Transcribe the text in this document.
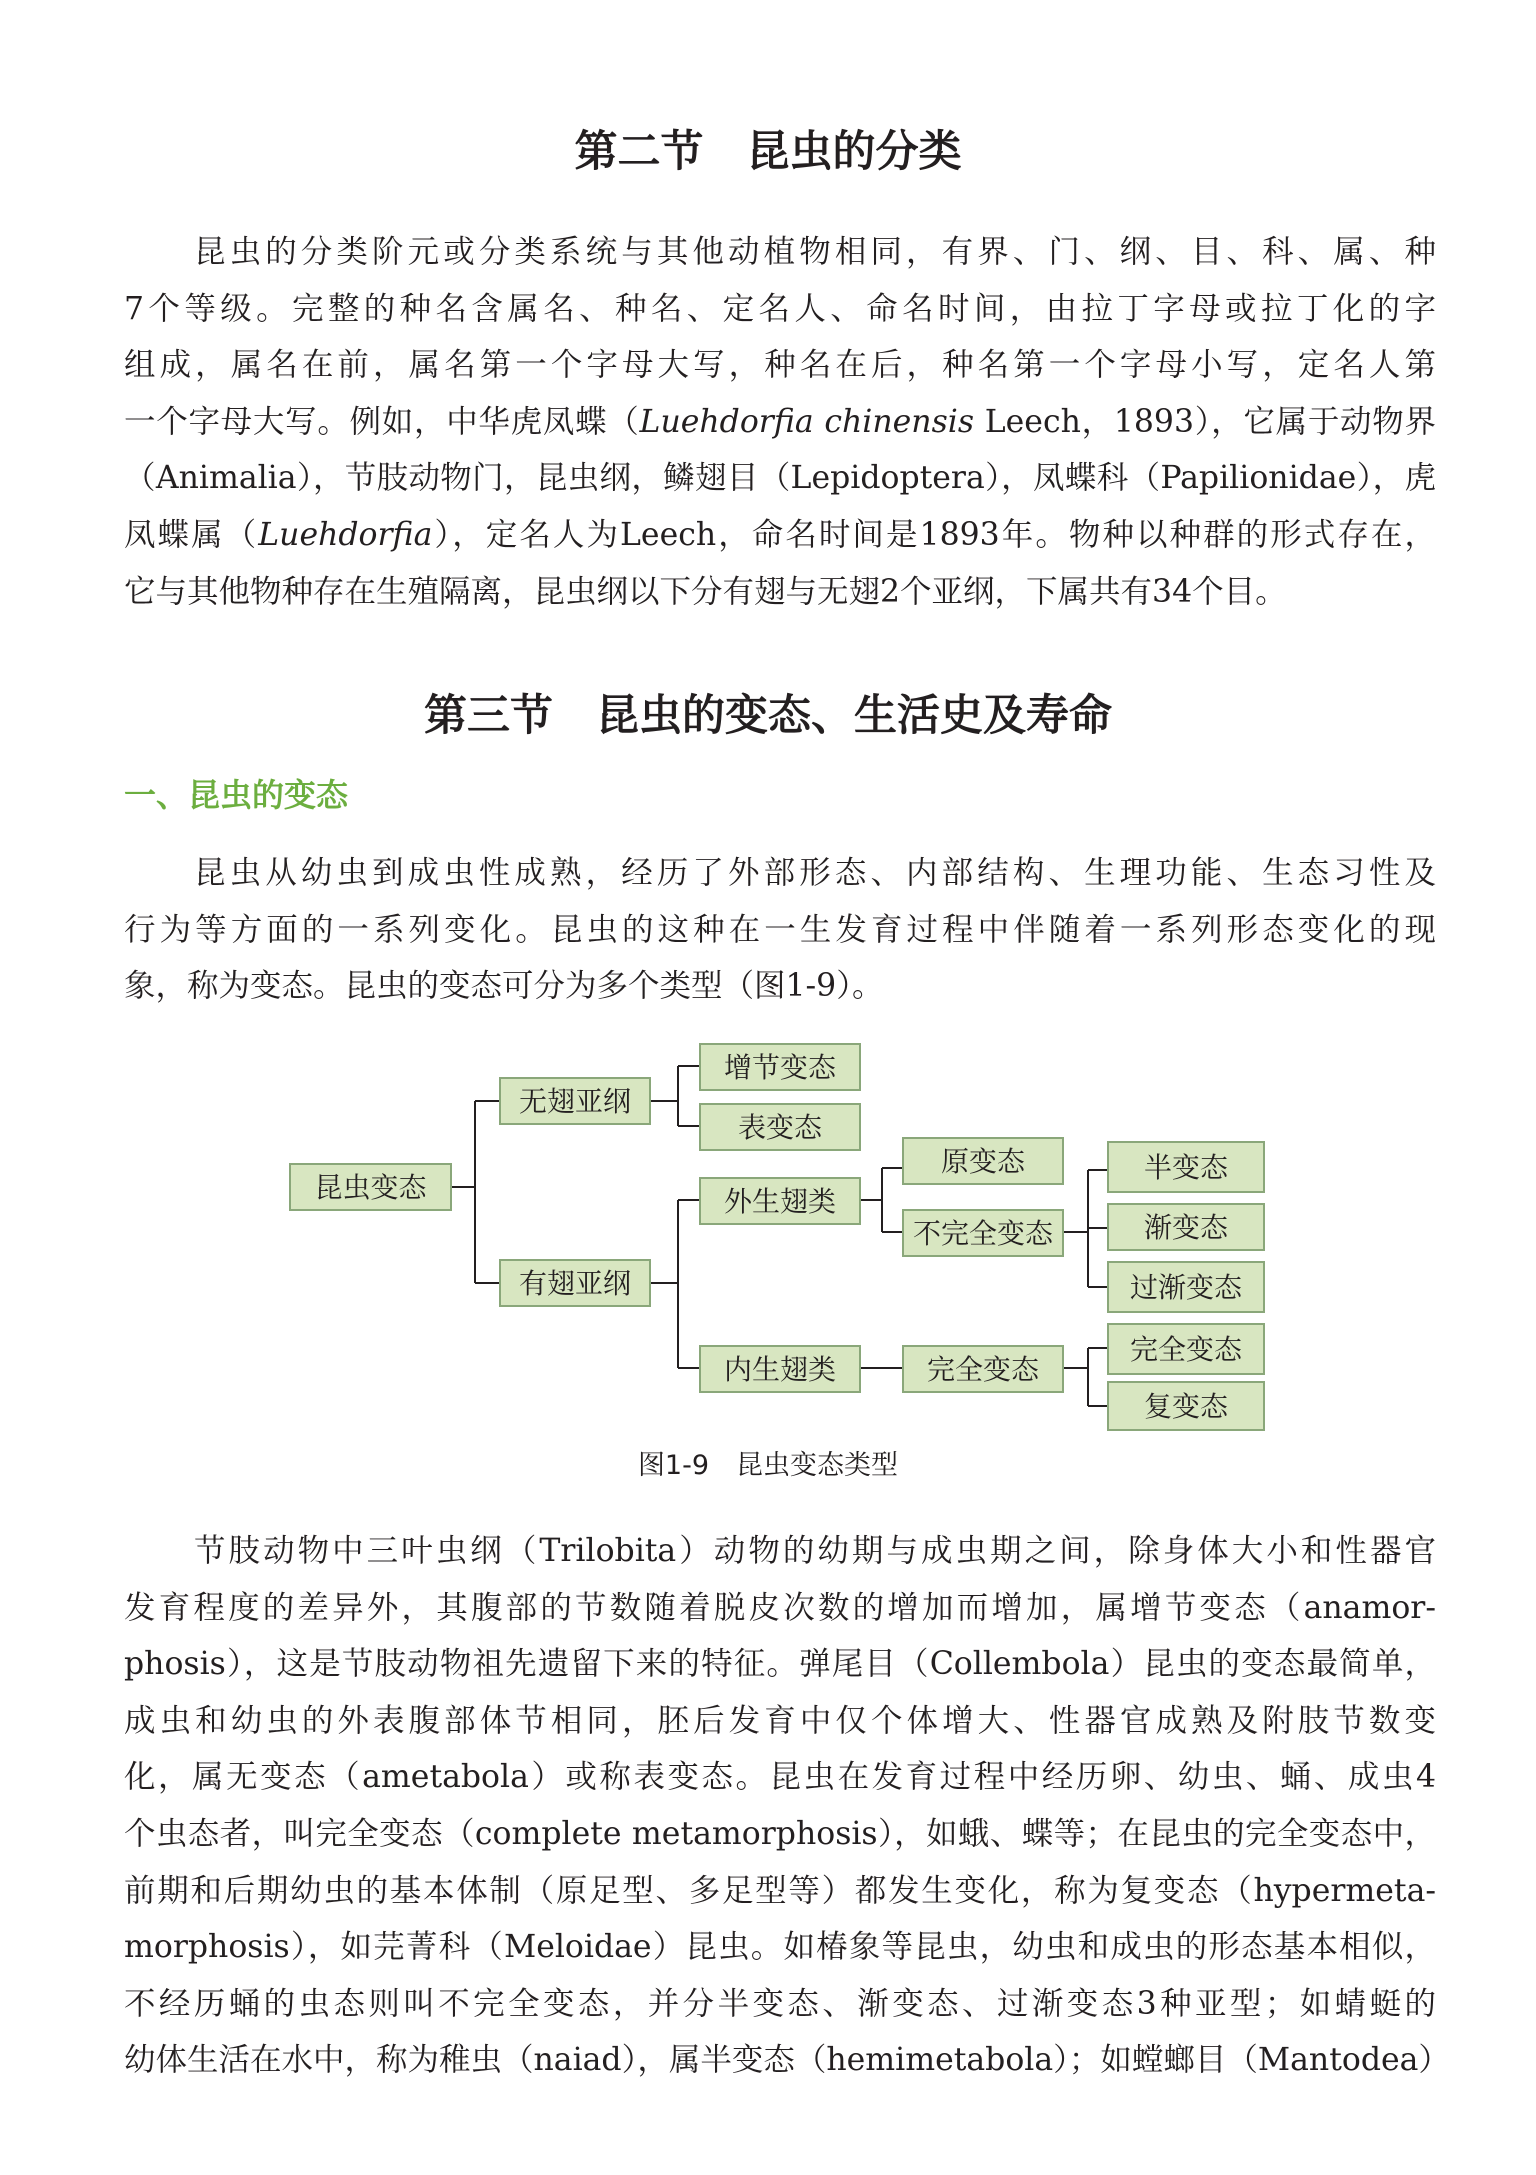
第二节　昆虫的分类
昆虫的分类阶元或分类系统与其他动植物相同，有界、门、纲、目、科、属、种
7个等级。完整的种名含属名、种名、定名人、命名时间，由拉丁字母或拉丁化的字
组成，属名在前，属名第一个字母大写，种名在后，种名第一个字母小写，定名人第
一个字母大写。例如，中华虎凤蝶（Luehdorfia chinensis Leech，1893），它属于动物界
（Animalia），节肢动物门，昆虫纲，鳞翅目（Lepidoptera），凤蝶科（Papilionidae），虎
凤蝶属（Luehdorfia），定名人为Leech，命名时间是1893年。物种以种群的形式存在，
它与其他物种存在生殖隔离，昆虫纲以下分有翅与无翅2个亚纲，下属共有34个目。
第三节　昆虫的变态、生活史及寿命
一、昆虫的变态
昆虫从幼虫到成虫性成熟，经历了外部形态、内部结构、生理功能、生态习性及
行为等方面的一系列变化。昆虫的这种在一生发育过程中伴随着一系列形态变化的现
象，称为变态。昆虫的变态可分为多个类型（图1-9）。
昆虫变态
无翅亚纲
有翅亚纲
增节变态
表变态
外生翅类
内生翅类
原变态
不完全变态
完全变态
半变态
渐变态
过渐变态
完全变态
复变态
图1-9　昆虫变态类型
节肢动物中三叶虫纲（Trilobita）动物的幼期与成虫期之间，除身体大小和性器官
发育程度的差异外，其腹部的节数随着脱皮次数的增加而增加，属增节变态（anamor-
phosis），这是节肢动物祖先遗留下来的特征。弹尾目（Collembola）昆虫的变态最简单，
成虫和幼虫的外表腹部体节相同，胚后发育中仅个体增大、性器官成熟及附肢节数变
化，属无变态（ametabola）或称表变态。昆虫在发育过程中经历卵、幼虫、蛹、成虫4
个虫态者，叫完全变态（complete metamorphosis），如蛾、蝶等；在昆虫的完全变态中，
前期和后期幼虫的基本体制（原足型、多足型等）都发生变化，称为复变态（hypermeta-
morphosis），如芫菁科（Meloidae）昆虫。如椿象等昆虫，幼虫和成虫的形态基本相似，
不经历蛹的虫态则叫不完全变态，并分半变态、渐变态、过渐变态3种亚型；如蜻蜓的
幼体生活在水中，称为稚虫（naiad），属半变态（hemimetabola）；如螳螂目（Mantodea）
